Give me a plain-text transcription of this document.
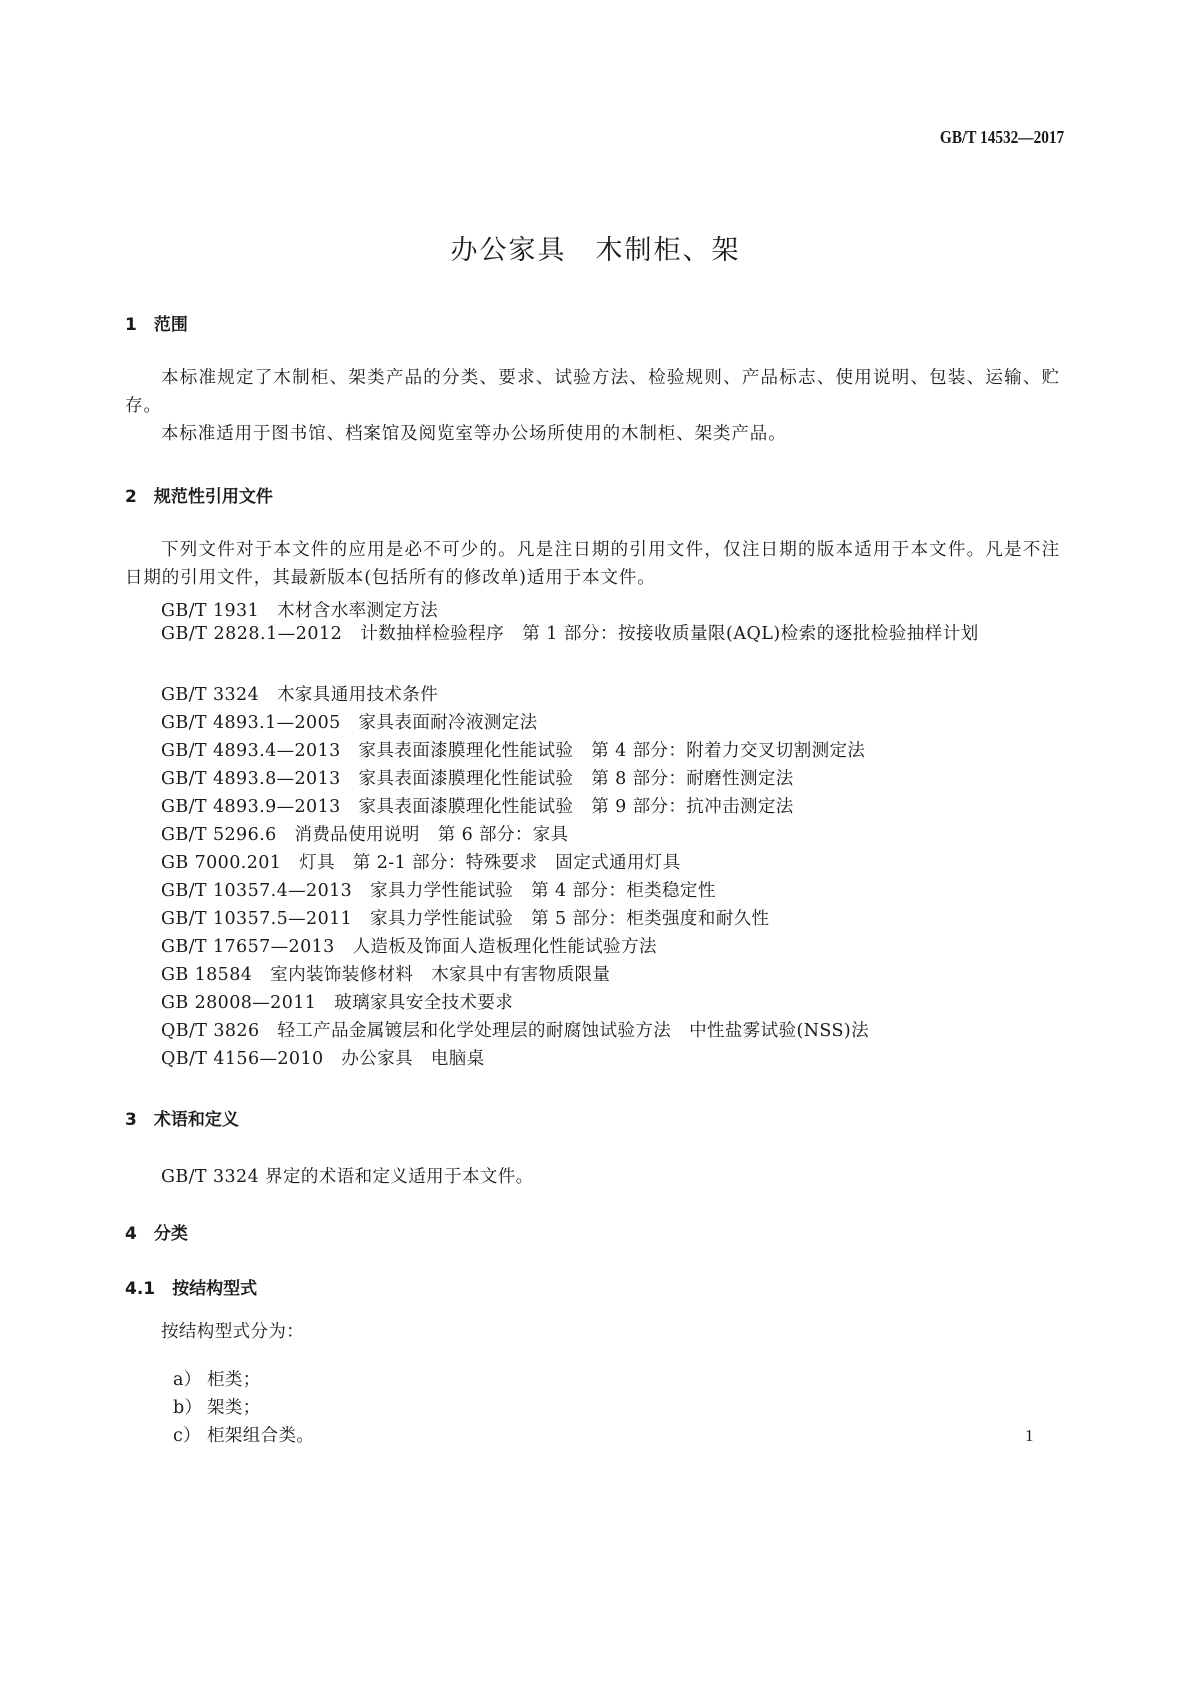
GB/T 14532—2017
办公家具　木制柜、架
1　范围
本标准规定了木制柜、架类产品的分类、要求、试验方法、检验规则、产品标志、使用说明、包装、运输、贮存。
本标准适用于图书馆、档案馆及阅览室等办公场所使用的木制柜、架类产品。
2　规范性引用文件
下列文件对于本文件的应用是必不可少的。凡是注日期的引用文件，仅注日期的版本适用于本文件。凡是不注日期的引用文件，其最新版本(包括所有的修改单)适用于本文件。
GB/T 1931　木材含水率测定方法
GB/T 2828.1—2012　计数抽样检验程序　第 1 部分：按接收质量限(AQL)检索的逐批检验抽样计划
GB/T 3324　木家具通用技术条件
GB/T 4893.1—2005　家具表面耐冷液测定法
GB/T 4893.4—2013　家具表面漆膜理化性能试验　第 4 部分：附着力交叉切割测定法
GB/T 4893.8—2013　家具表面漆膜理化性能试验　第 8 部分：耐磨性测定法
GB/T 4893.9—2013　家具表面漆膜理化性能试验　第 9 部分：抗冲击测定法
GB/T 5296.6　消费品使用说明　第 6 部分：家具
GB 7000.201　灯具　第 2-1 部分：特殊要求　固定式通用灯具
GB/T 10357.4—2013　家具力学性能试验　第 4 部分：柜类稳定性
GB/T 10357.5—2011　家具力学性能试验　第 5 部分：柜类强度和耐久性
GB/T 17657—2013　人造板及饰面人造板理化性能试验方法
GB 18584　室内装饰装修材料　木家具中有害物质限量
GB 28008—2011　玻璃家具安全技术要求
QB/T 3826　轻工产品金属镀层和化学处理层的耐腐蚀试验方法　中性盐雾试验(NSS)法
QB/T 4156—2010　办公家具　电脑桌
3　术语和定义
GB/T 3324 界定的术语和定义适用于本文件。
4　分类
4.1　按结构型式
按结构型式分为：

a） 柜类；

b） 架类；

c） 柜架组合类。	1
